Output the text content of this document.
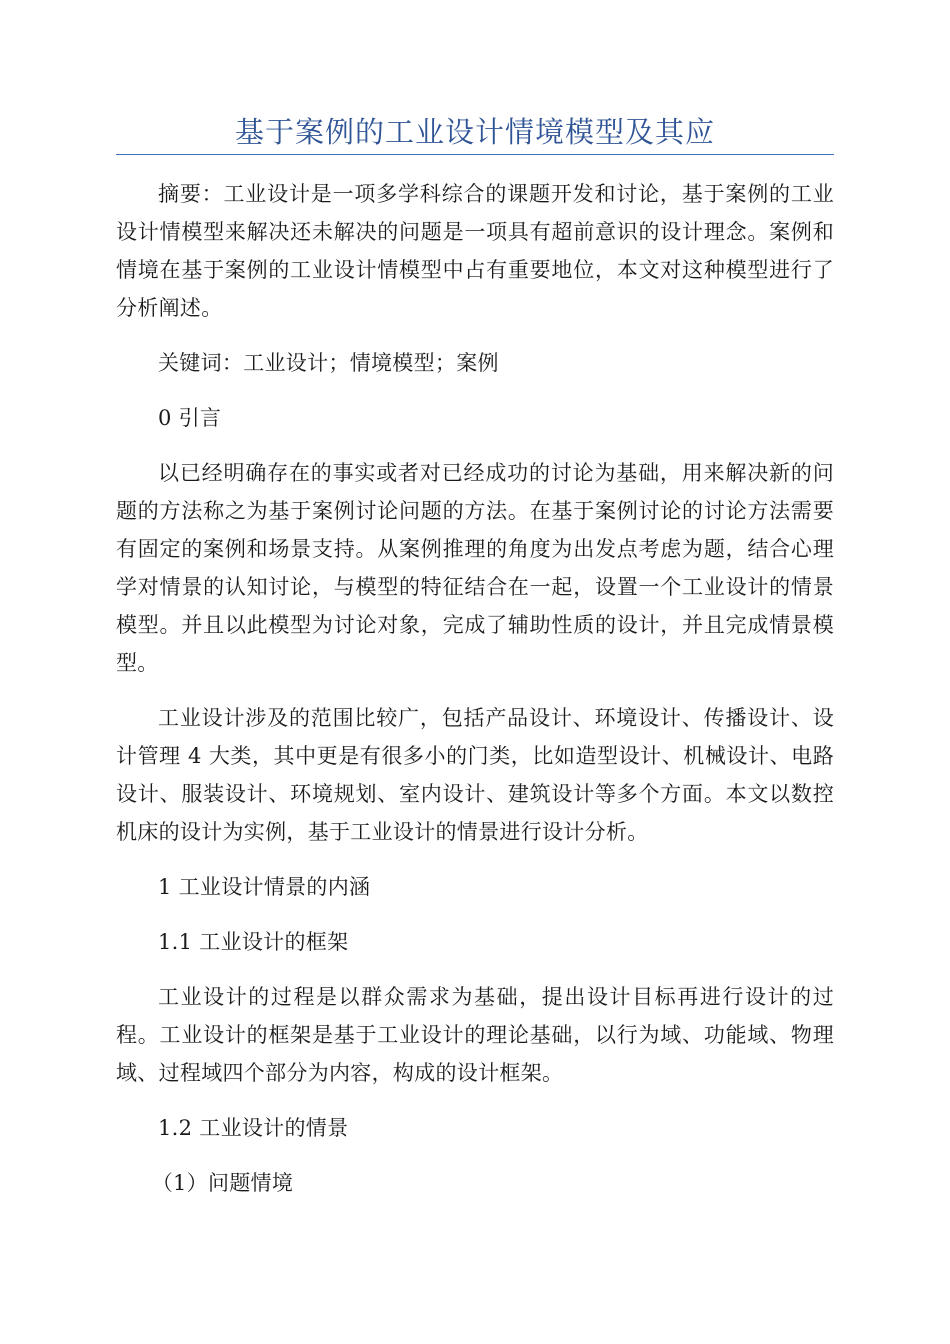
基于案例的工业设计情境模型及其应

摘要：工业设计是一项多学科综合的课题开发和讨论，基于案例的工业设计情模型来解决还未解决的问题是一项具有超前意识的设计理念。案例和情境在基于案例的工业设计情模型中占有重要地位，本文对这种模型进行了分析阐述。

关键词：工业设计；情境模型；案例

0 引言

以已经明确存在的事实或者对已经成功的讨论为基础，用来解决新的问题的方法称之为基于案例讨论问题的方法。在基于案例讨论的讨论方法需要有固定的案例和场景支持。从案例推理的角度为出发点考虑为题，结合心理学对情景的认知讨论，与模型的特征结合在一起，设置一个工业设计的情景模型。并且以此模型为讨论对象，完成了辅助性质的设计，并且完成情景模型。

工业设计涉及的范围比较广，包括产品设计、环境设计、传播设计、设计管理 4 大类，其中更是有很多小的门类，比如造型设计、机械设计、电路设计、服装设计、环境规划、室内设计、建筑设计等多个方面。本文以数控机床的设计为实例，基于工业设计的情景进行设计分析。

1 工业设计情景的内涵

1.1 工业设计的框架

工业设计的过程是以群众需求为基础，提出设计目标再进行设计的过程。工业设计的框架是基于工业设计的理论基础，以行为域、功能域、物理域、过程域四个部分为内容，构成的设计框架。

1.2 工业设计的情景

（1）问题情境
